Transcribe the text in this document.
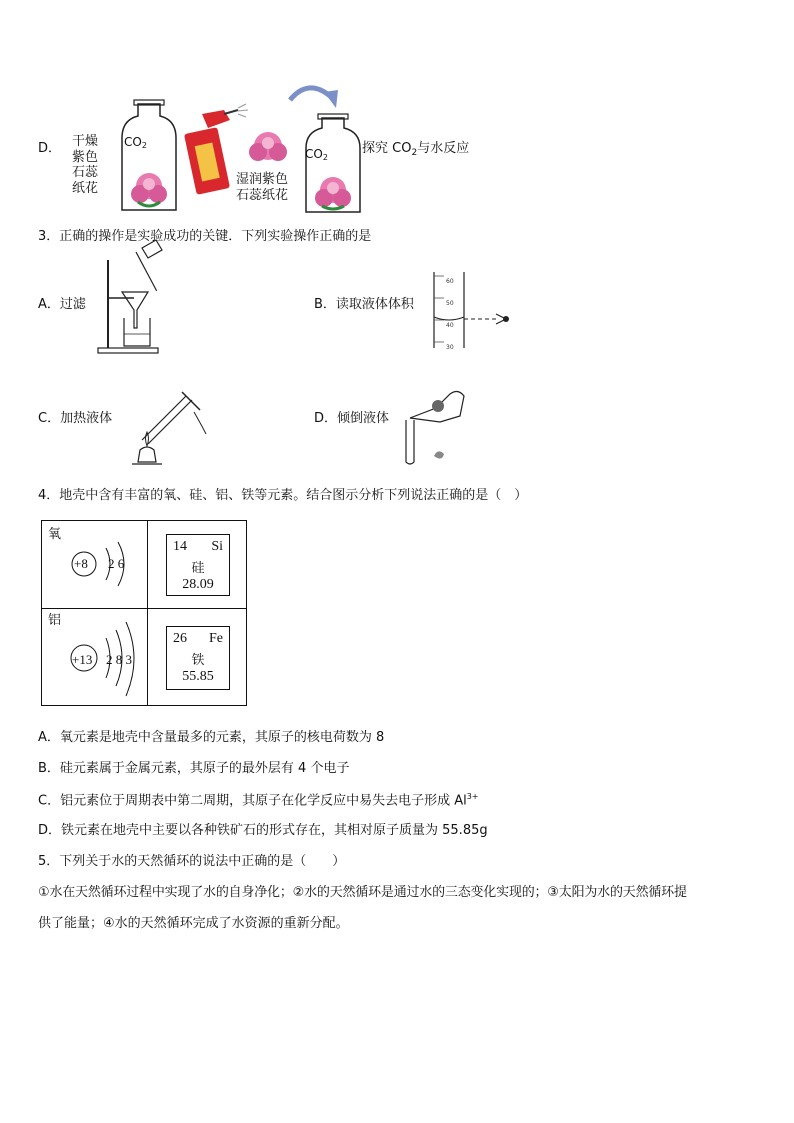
D． 干燥
紫色
石蕊
纸花
CO2
湿润紫色
石蕊纸花
CO2
探究 $CO_2$与水反应
3．正确的操作是实验成功的关键．下列实验操作正确的是
A．过滤	B．读取液体体积
60
50
40
30
C．加热液体	D．倾倒液体
4．地壳中含有丰富的氧、硅、铝、铁等元素。结合图示分析下列说法正确的是（　）
氧
+8 2 6
14 Si
硅
28.09
铝
+13 2 8 3
26 Fe
铁
55.85
A．氧元素是地壳中含量最多的元素，其原子的核电荷数为 8
B．硅元素属于金属元素，其原子的最外层有 4 个电子
C．铝元素位于周期表中第二周期，其原子在化学反应中易失去电子形成 $Al^{3+}$
D．铁元素在地壳中主要以各种铁矿石的形式存在，其相对原子质量为 55.85g
5．下列关于水的天然循环的说法中正确的是（　　）
①水在天然循环过程中实现了水的自身净化；②水的天然循环是通过水的三态变化实现的；③太阳为水的天然循环提
供了能量；④水的天然循环完成了水资源的重新分配。
